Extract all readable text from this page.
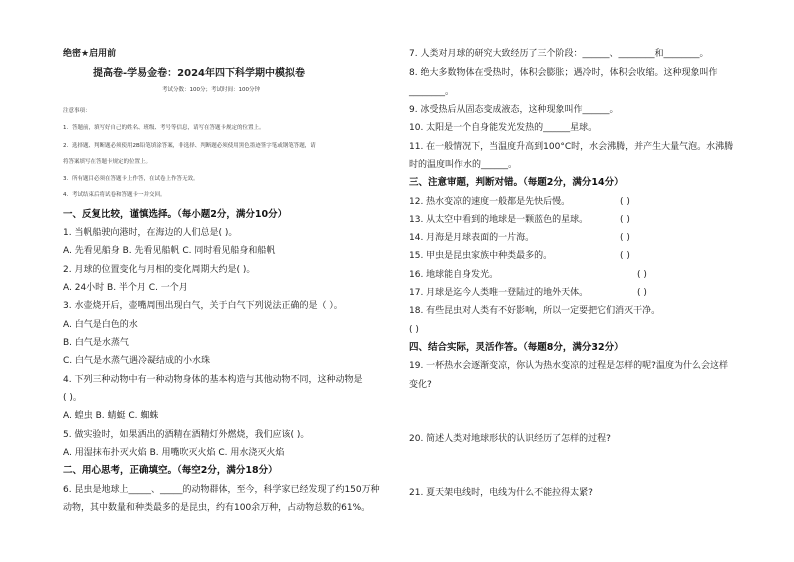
绝密★启用前
提高卷-学易金卷：2024年四下科学期中模拟卷
考试分数：100分；考试时间：100分钟
注意事项：
1．答题前，填写好自己的姓名、班级、考号等信息，请写在答题卡规定的位置上。
2．选择题、判断题必须使用2B铅笔填涂答案，非选择、判断题必须使用黑色墨迹签字笔或钢笔答题，请
将答案填写在答题卡规定的位置上。
3．所有题目必须在答题卡上作答，在试卷上作答无效。
4．考试结束后将试卷和答题卡一并交回。
一、反复比较，谨慎选择。（每小题2分，满分10分）
1. 当帆船驶向港时，在海边的人们总是( )。
A. 先看见船身 B. 先看见船帆 C. 同时看见船身和船帆
2. 月球的位置变化与月相的变化周期大约是( )。
A. 24小时 B. 半个月 C. 一个月
3. 水壶烧开后，壶嘴周围出现白气，关于白气下列说法正确的是（ ）。
A. 白气是白色的水
B. 白气是水蒸气
C. 白气是水蒸气遇冷凝结成的小水珠
4. 下列三种动物中有一种动物身体的基本构造与其他动物不同，这种动物是
( )。
A. 蝗虫 B. 蜻蜓 C. 蜘蛛
5. 做实验时，如果洒出的酒精在酒精灯外燃烧，我们应该( )。
A. 用湿抹布扑灭火焰 B. 用嘴吹灭火焰 C. 用水浇灭火焰
二、用心思考，正确填空。（每空2分，满分18分）
6. 昆虫是地球上_____、_____的动物群体，至今，科学家已经发现了约150万种
动物，其中数量和种类最多的是昆虫，约有100余万种，占动物总数的61%。
7. 人类对月球的研究大致经历了三个阶段：______、________和________。
8. 绝大多数物体在受热时，体积会膨胀；遇冷时，体积会收缩。这种现象叫作
________。
9. 冰受热后从固态变成液态，这种现象叫作______。
10. 太阳是一个自身能发光发热的______星球。
11. 在一般情况下，当温度升高到100°C时，水会沸腾，并产生大量气泡。水沸腾
时的温度叫作水的______。
三、注意审题，判断对错。（每题2分，满分14分）
12. 热水变凉的速度一般都是先快后慢。	( )
13. 从太空中看到的地球是一颗蓝色的星球。	( )
14. 月海是月球表面的一片海。	( )
15. 甲虫是昆虫家族中种类最多的。	( )
16. 地球能自身发光。	( )
17. 月球是迄今人类唯一登陆过的地外天体。	( )
18. 有些昆虫对人类有不好影响，所以一定要把它们消灭干净。
( )
四、结合实际，灵活作答。（每题8分，满分32分）
19. 一杯热水会逐渐变凉，你认为热水变凉的过程是怎样的呢?温度为什么会这样
变化?
20. 简述人类对地球形状的认识经历了怎样的过程?
21. 夏天架电线时，电线为什么不能拉得太紧?
